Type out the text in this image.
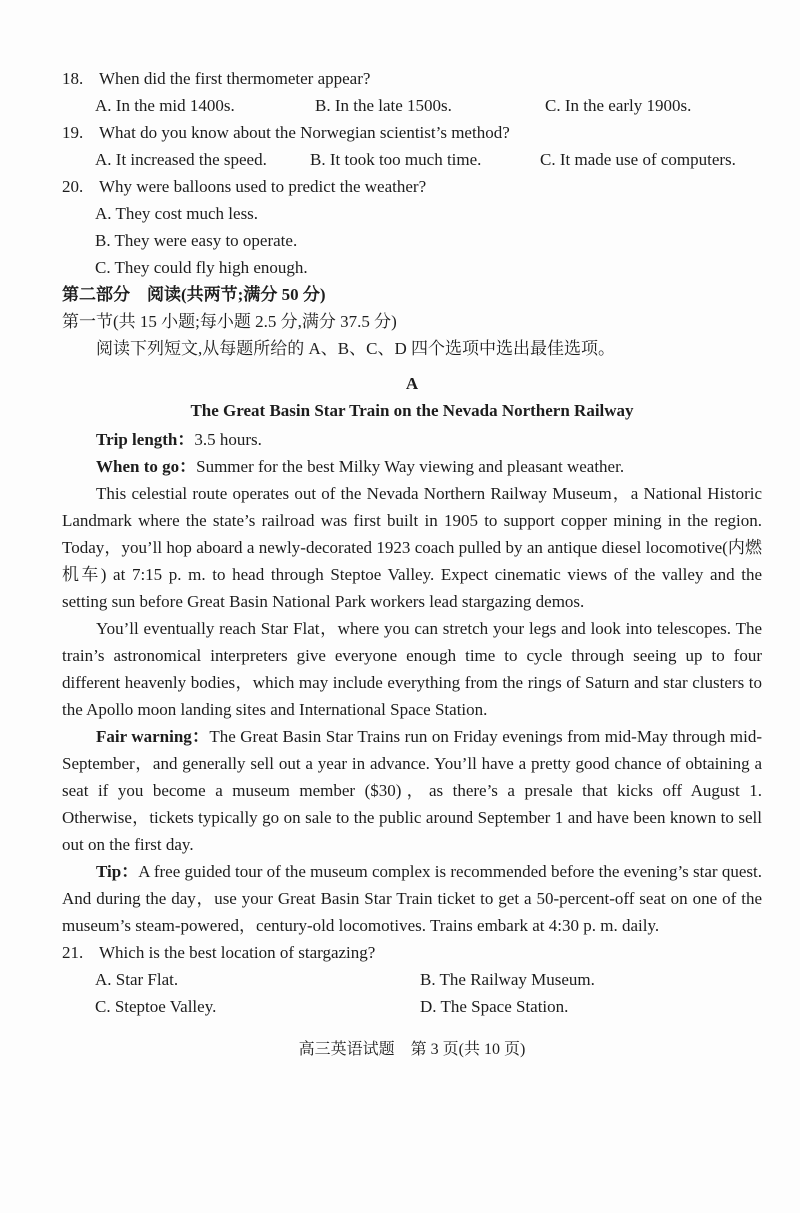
18. When did the first thermometer appear?
A. In the mid 1400s.	B. In the late 1500s.	C. In the early 1900s.
19. What do you know about the Norwegian scientist’s method?
A. It increased the speed.	B. It took too much time.	C. It made use of computers.
20. Why were balloons used to predict the weather?
A. They cost much less.
B. They were easy to operate.
C. They could fly high enough.
第二部分　阅读(共两节;满分 50 分)
第一节(共 15 小题;每小题 2.5 分,满分 37.5 分)
阅读下列短文,从每题所给的 A、B、C、D 四个选项中选出最佳选项。
A
The Great Basin Star Train on the Nevada Northern Railway

Trip length：3.5 hours.

When to go：Summer for the best Milky Way viewing and pleasant weather.

This celestial route operates out of the Nevada Northern Railway Museum，a National Historic Landmark where the state’s railroad was first built in 1905 to support copper mining in the region. Today，you’ll hop aboard a newly-decorated 1923 coach pulled by an antique diesel locomotive(内燃机车) at 7:15 p. m. to head through Steptoe Valley. Expect cinematic views of the valley and the setting sun before Great Basin National Park workers lead stargazing demos.

You’ll eventually reach Star Flat，where you can stretch your legs and look into telescopes. The train’s astronomical interpreters give everyone enough time to cycle through seeing up to four different heavenly bodies，which may include everything from the rings of Saturn and star clusters to the Apollo moon landing sites and International Space Station.

Fair warning：The Great Basin Star Trains run on Friday evenings from mid-May through mid-September，and generally sell out a year in advance. You’ll have a pretty good chance of obtaining a seat if you become a museum member ($30)，as there’s a presale that kicks off August 1. Otherwise，tickets typically go on sale to the public around September 1 and have been known to sell out on the first day.

Tip：A free guided tour of the museum complex is recommended before the evening’s star quest. And during the day，use your Great Basin Star Train ticket to get a 50-percent-off seat on one of the museum’s steam-powered，century-old locomotives. Trains embark at 4:30 p. m. daily.

21. Which is the best location of stargazing?
A. Star Flat.	B. The Railway Museum.
C. Steptoe Valley.	D. The Space Station.
高三英语试题　第 3 页(共 10 页)
